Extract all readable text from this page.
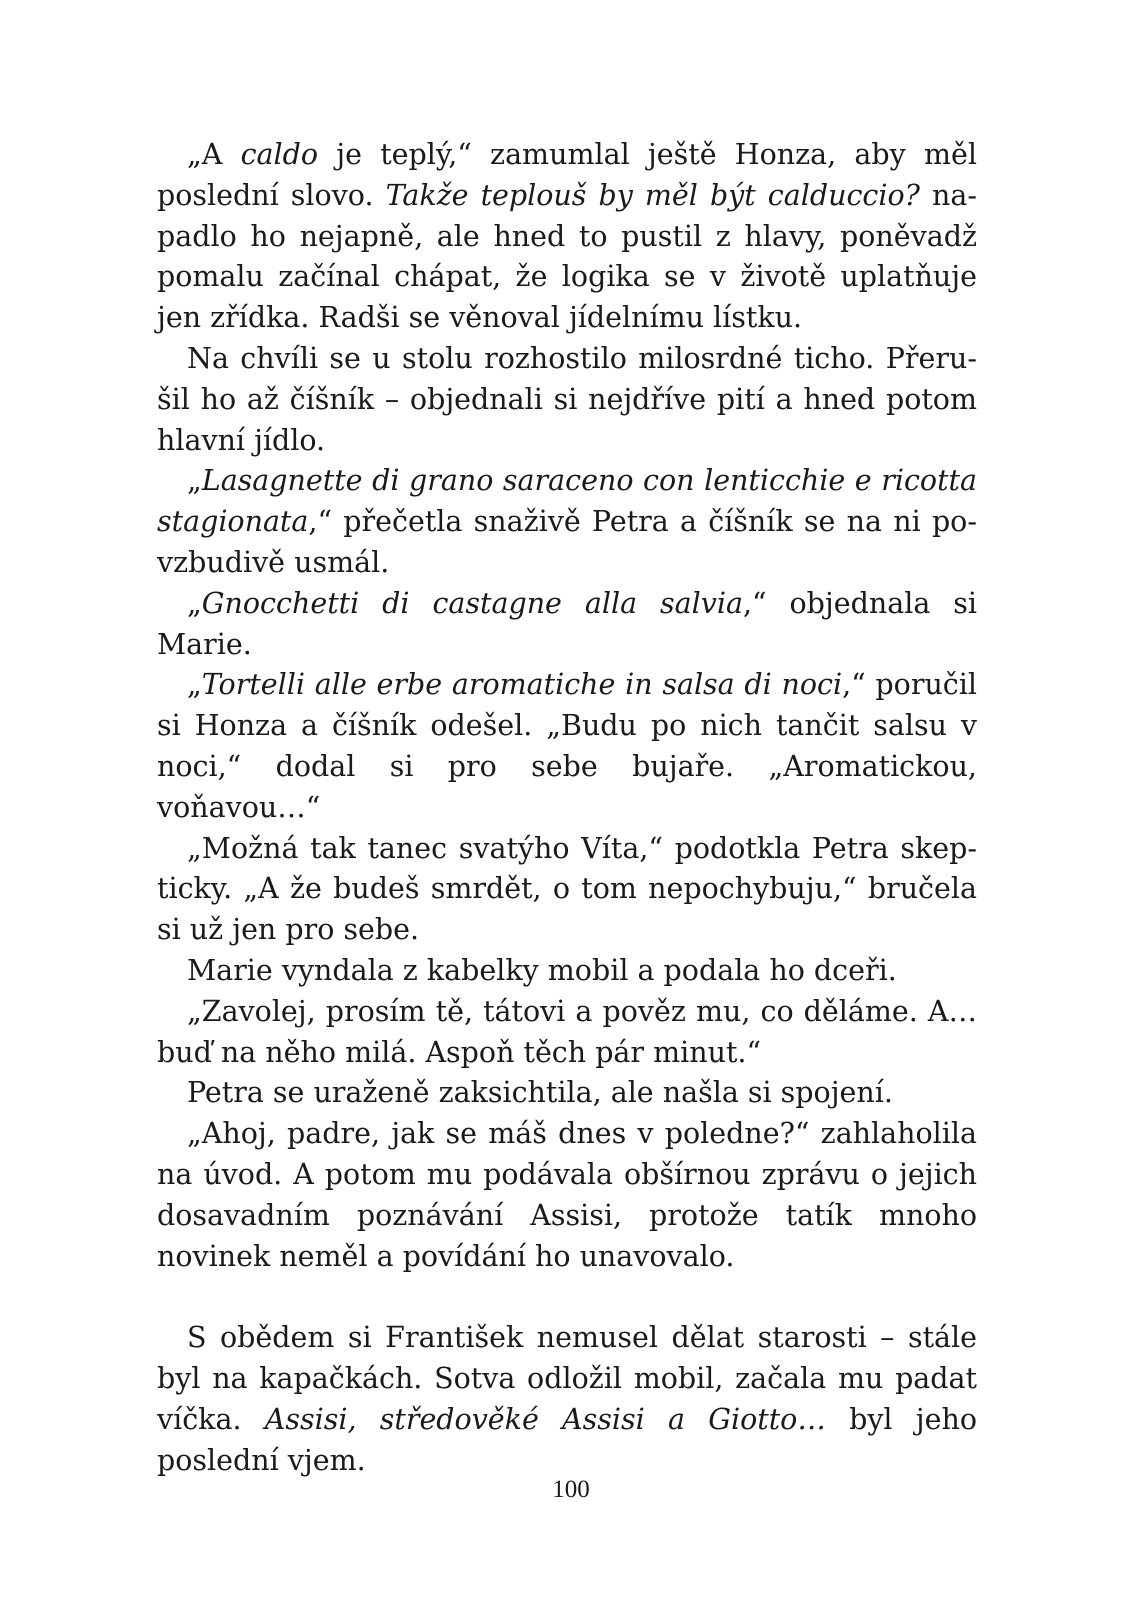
„A caldo je teplý,“ zamumlal ještě Honza, aby měl poslední slovo. Takže teplouš by měl být calduccio? napadlo ho nejapně, ale hned to pustil z hlavy, poněvadž pomalu začínal chápat, že logika se v životě uplatňuje jen zřídka. Radši se věnoval jídelnímu lístku.

Na chvíli se u stolu rozhostilo milosrdné ticho. Přerušil ho až číšník – objednali si nejdříve pití a hned potom hlavní jídlo.

„Lasagnette di grano saraceno con lenticchie e ricotta stagionata,“ přečetla snaživě Petra a číšník se na ni povzbudivě usmál.

„Gnocchetti di castagne alla salvia,“ objednala si Marie.

„Tortelli alle erbe aromatiche in salsa di noci,“ poručil si Honza a číšník odešel. „Budu po nich tančit salsu v noci,“ dodal si pro sebe bujaře. „Aromatickou, voňavou…“

„Možná tak tanec svatýho Víta,“ podotkla Petra skepticky. „A že budeš smrdět, o tom nepochybuju,“ bručela si už jen pro sebe.

Marie vyndala z kabelky mobil a podala ho dceři.

„Zavolej, prosím tě, tátovi a pověz mu, co děláme. A… buď na něho milá. Aspoň těch pár minut.“

Petra se uraženě zaksichtila, ale našla si spojení.

„Ahoj, padre, jak se máš dnes v poledne?“ zahlaholila na úvod. A potom mu podávala obšírnou zprávu o jejich dosavadním poznávání Assisi, protože tatík mnoho novinek neměl a povídání ho unavovalo.

S obědem si František nemusel dělat starosti – stále byl na kapačkách. Sotva odložil mobil, začala mu padat víčka. Assisi, středověké Assisi a Giotto… byl jeho poslední vjem.

100
